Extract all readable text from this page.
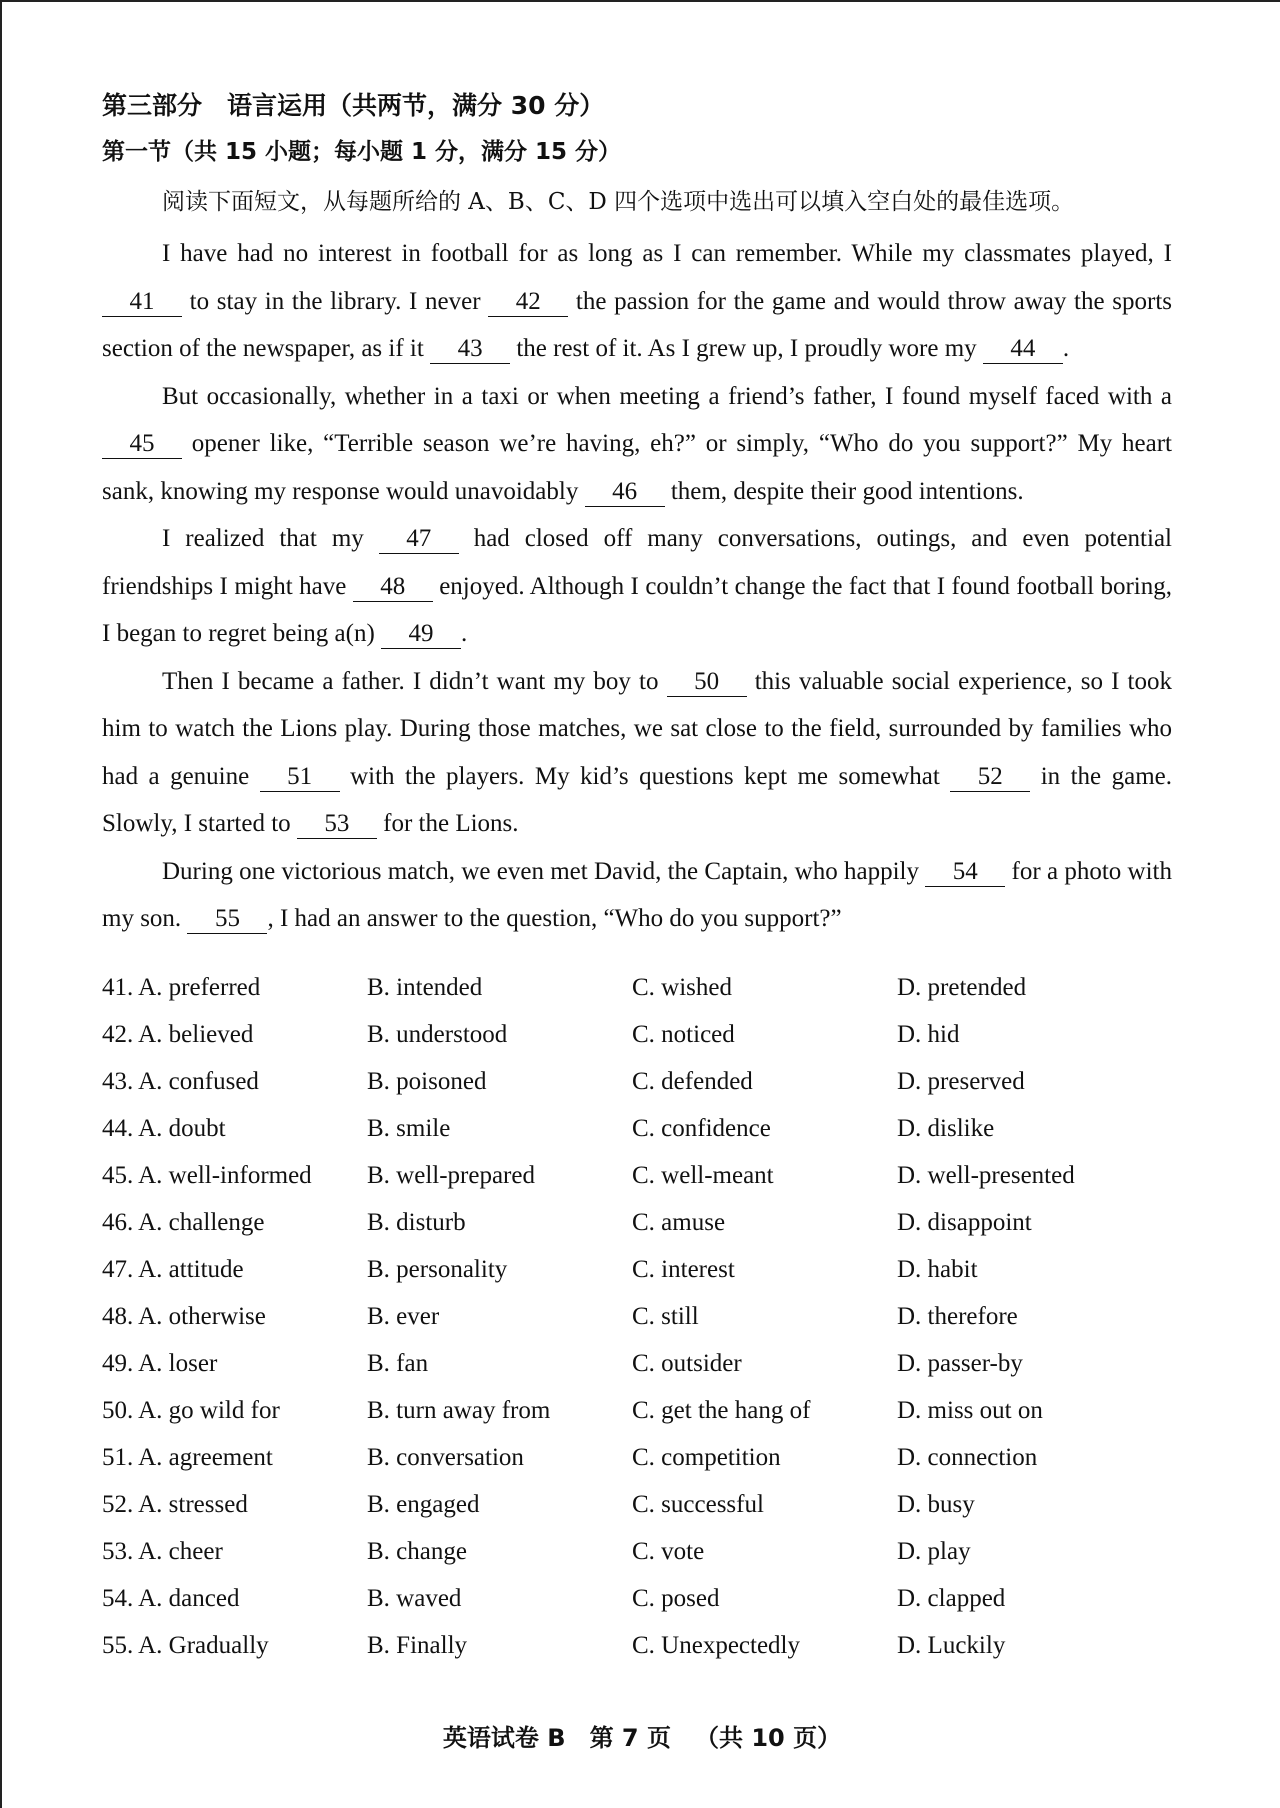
第三部分　语言运用（共两节，满分 30 分）
第一节（共 15 小题；每小题 1 分，满分 15 分）

阅读下面短文，从每题所给的 A、B、C、D 四个选项中选出可以填入空白处的最佳选项。

I have had no interest in football for as long as I can remember. While my classmates played, I 41 to stay in the library. I never 42 the passion for the game and would throw away the sports section of the newspaper, as if it 43 the rest of it. As I grew up, I proudly wore my 44 .

But occasionally, whether in a taxi or when meeting a friend’s father, I found myself faced with a 45 opener like, “Terrible season we’re having, eh?” or simply, “Who do you support?” My heart sank, knowing my response would unavoidably 46 them, despite their good intentions.

I realized that my 47 had closed off many conversations, outings, and even potential friendships I might have 48 enjoyed. Although I couldn’t change the fact that I found football boring, I began to regret being a(n) 49 .

Then I became a father. I didn’t want my boy to 50 this valuable social experience, so I took him to watch the Lions play. During those matches, we sat close to the field, surrounded by families who had a genuine 51 with the players. My kid’s questions kept me somewhat 52 in the game. Slowly, I started to 53 for the Lions.

During one victorious match, we even met David, the Captain, who happily 54 for a photo with my son. 55 , I had an answer to the question, “Who do you support?”

41. A. preferred	B. intended	C. wished	D. pretended
42. A. believed	B. understood	C. noticed	D. hid
43. A. confused	B. poisoned	C. defended	D. preserved
44. A. doubt	B. smile	C. confidence	D. dislike
45. A. well-informed	B. well-prepared	C. well-meant	D. well-presented
46. A. challenge	B. disturb	C. amuse	D. disappoint
47. A. attitude	B. personality	C. interest	D. habit
48. A. otherwise	B. ever	C. still	D. therefore
49. A. loser	B. fan	C. outsider	D. passer-by
50. A. go wild for	B. turn away from	C. get the hang of	D. miss out on
51. A. agreement	B. conversation	C. competition	D. connection
52. A. stressed	B. engaged	C. successful	D. busy
53. A. cheer	B. change	C. vote	D. play
54. A. danced	B. waved	C. posed	D. clapped
55. A. Gradually	B. Finally	C. Unexpectedly	D. Luckily
英语试卷 B 第 7 页 （共 10 页）
